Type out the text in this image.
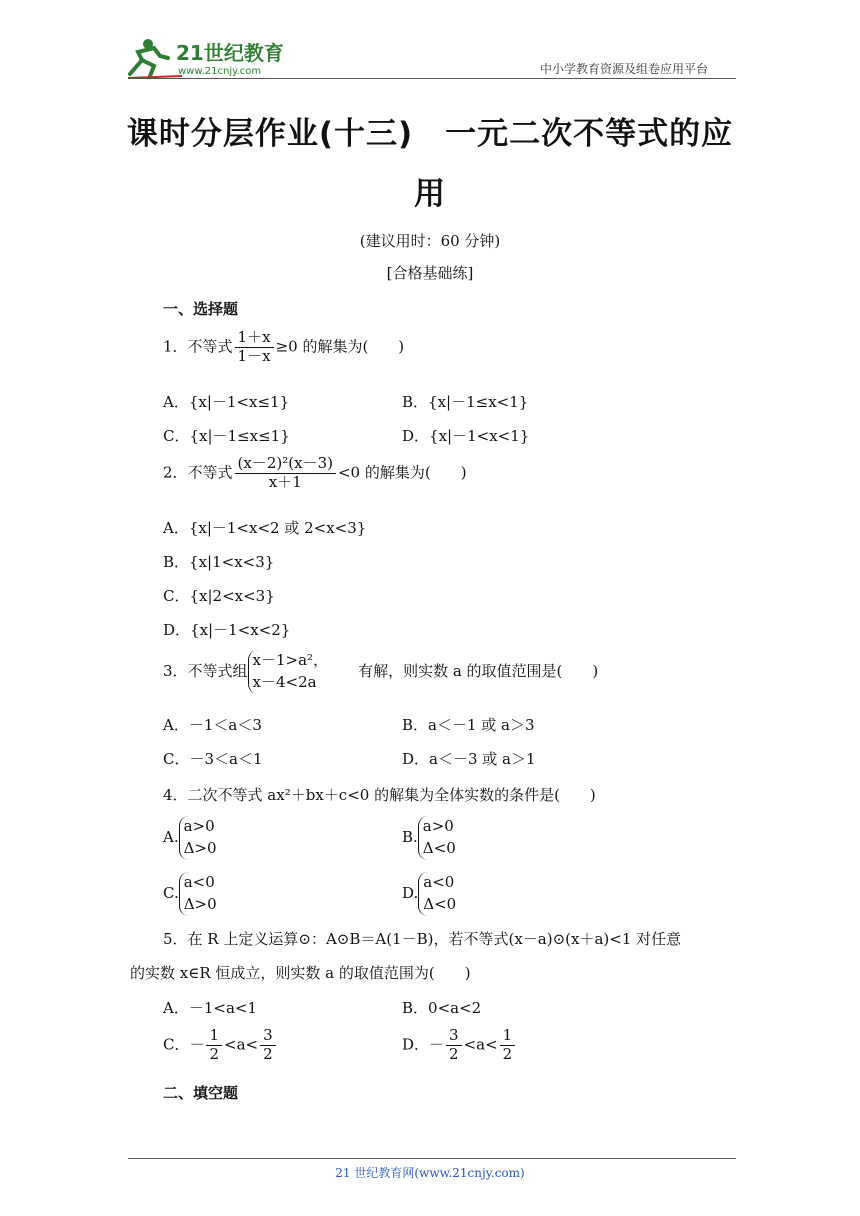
21世纪教育
www.21cnjy.com	中小学教育资源及组卷应用平台
课时分层作业(十三)　一元二次不等式的应
用
(建议用时：60 分钟)
[合格基础练]
一、选择题
1．不等式 $\frac{1+x}{1-x} \ge 0$ 的解集为(　　)
A．{x|－1<x≤1}	B．{x|－1≤x<1}
C．{x|－1≤x≤1}	D．{x|－1<x<1}
2．不等式 $\frac{\text{(x－2)²(x－3)}}{x+1} <0$ 的解集为(　　)
A．{x|－1<x<2 或 2<x<3}
B．{x|1<x<3}
C．{x|2<x<3}
D．{x|－1<x<2}
3．不等式组
x－1>a²，
x－4<2a
有解，则实数 a 的取值范围是(　　)
A．－1＜a＜3	B．a＜－1 或 a＞3
C．－3＜a＜1	D．a＜－3 或 a＞1
4．二次不等式 ax²＋bx＋c<0 的解集为全体实数的条件是(　　)
A.
a>0
Δ>0
B.
a>0
Δ<0
C.
a<0
Δ>0
D.
a<0
Δ<0
5．在 R 上定义运算⊙：A⊙B＝A(1－B)，若不等式(x－a)⊙(x＋a)<1 对任意
的实数 x∈R 恒成立，则实数 a 的取值范围为(　　)
A．－1<a<1	B．0<a<2
C．－ $\frac{1}{2} <a< \frac{3}{2}$	D．－ $\frac{3}{2} <a< \frac{1}{2}$
二、填空题
21 世纪教育网(www.21cnjy.com)
